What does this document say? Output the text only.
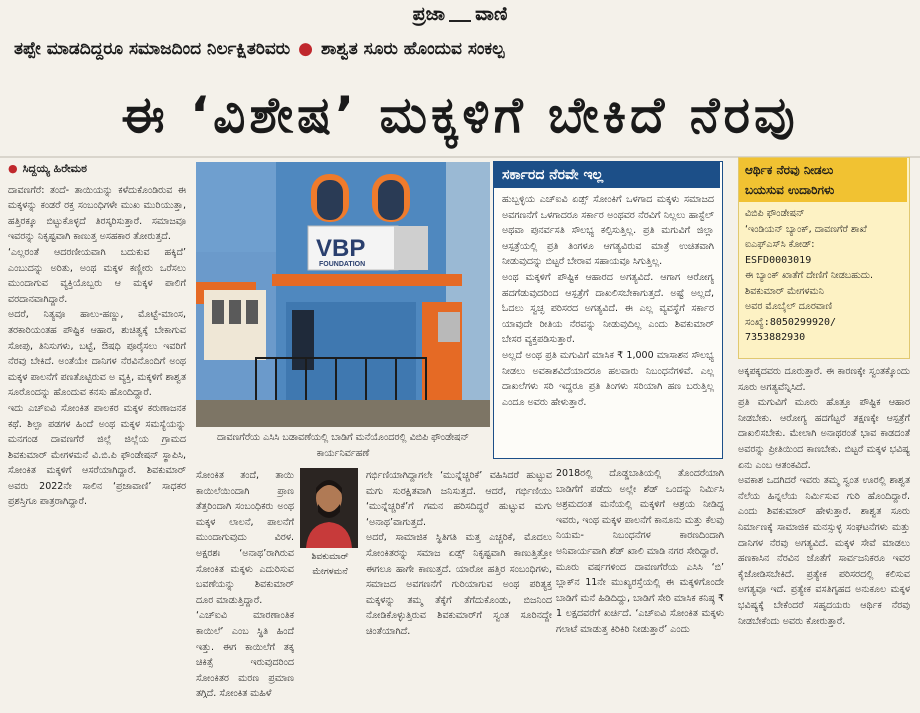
ಪ್ರಜಾ ವಾಣಿ
ತಪ್ಪೇ ಮಾಡದಿದ್ದರೂ ಸಮಾಜದಿಂದ ನಿರ್ಲಕ್ಷಿತರಿವರು ● ಶಾಶ್ವತ ಸೂರು ಹೊಂದುವ ಸಂಕಲ್ಪ
ಈ ‘ವಿಶೇಷ’ ಮಕ್ಕಳಿಗೆ ಬೇಕಿದೆ ನೆರವು
● ಸಿದ್ದಯ್ಯ ಹಿರೇಮಠ

ದಾವಣಗೆರೆ: ತಂದೆ- ತಾಯಿಯನ್ನು ಕಳೆದುಕೊಂಡಿರುವ ಈ ಮಕ್ಕಳನ್ನು ಕಂಡರೆ ರಕ್ತ ಸಂಬಂಧಿಗಳೇ ಮುಖ ಮುರಿಯುತ್ತಾ, ಹತ್ತಿರಕ್ಕೂ ಬಿಟ್ಟುಕೊಳ್ಳದೆ ತಿರಸ್ಕರಿಸುತ್ತಾರೆ. ಸಮಾಜವೂ ಇವರನ್ನು ನಿಕೃಷ್ಟವಾಗಿ ಕಾಣುತ್ತ ಅಸಹಕಾರ ತೋರುತ್ತದೆ.

‘ಎಲ್ಲರಂತೆ ಆದರಣೀಯವಾಗಿ ಬದುಕುವ ಹಕ್ಕಿದೆ’ ಎಂಬುದನ್ನು ಅರಿತು, ಅಂಥ ಮಕ್ಕಳ ಕಣ್ಣೀರು ಒರೆಸಲು ಮುಂದಾಗುವ ವ್ಯಕ್ತಿಯೊಬ್ಬರು ಆ ಮಕ್ಕಳ ಪಾಲಿಗೆ ವರದಾನವಾಗಿದ್ದಾರೆ.

ಅದರೆ, ನಿತ್ಯವೂ ಹಾಲು-ಹಣ್ಣು, ಮೊಟ್ಟೆ-ಮಾಂಸ, ತರಕಾರಿಯಂತಹ ಪೌಷ್ಟಿಕ ಆಹಾರ, ಶುಚಿತ್ವಕ್ಕೆ ಬೇಕಾಗುವ ಸೋಪು, ತಿನಿಸುಗಳು, ಬಟ್ಟೆ, ಔಷಧಿ ಪೂರೈಸಲು ಇವರಿಗೆ ನೆರವು ಬೇಕಿದೆ. ಅಂತೆಯೇ ದಾನಿಗಳ ನೆರವಿನೊಂದಿಗೆ ಅಂಥ ಮಕ್ಕಳ ಪಾಲನೆಗೆ ಪಣತೊಟ್ಟಿರುವ ಅ ವ್ಯಕ್ತಿ, ಮಕ್ಕಳಿಗೆ ಶಾಶ್ವತ ಸೂರೊಂದನ್ನು ಹೊಂದುವ ಕನಸು ಹೊಂದಿದ್ದಾರೆ.

ಇದು ಎಚ್‌ಐವಿ ಸೋಂಕಿತ ಪಾಲಕರ ಮಕ್ಕಳ ಕರುಣಾಜನಕ ಕಥೆ. ಶಿಲ್ಪಾ ಪಡಗಳ ಹಿಂದೆ ಅಂಥ ಮಕ್ಕಳ ಸಮಸ್ಯೆಯನ್ನು ಮನಗಂಡ ದಾವಣಗೆರೆ ಜಿಲ್ಲೆ ಜಿಲ್ಲೆಯ ಗ್ರಾಮದ ಶಿವಕುಮಾರ್ ಮೇಗಳಮನೆ ವಿ.ಬಿ.ಪಿ ಫೌಂಡೇಷನ್ ಸ್ಥಾಪಿಸಿ, ಸೋಂಕಿತ ಮಕ್ಕಳಿಗೆ ಆಸರೆಯಾಗಿದ್ದಾರೆ. ಶಿವಕುಮಾರ್ ಅವರು 2022ನೇ ಸಾಲಿನ ‘ಪ್ರಜಾವಾಣಿ’ ಸಾಧಕರ ಪ್ರಶಸ್ತಿಗೂ ಪಾತ್ರರಾಗಿದ್ದಾರೆ.

VBP
FOUNDATION
ದಾವಣಗೆರೆಯ ಎಸಿಸಿ ಬಡಾವಣೆಯಲ್ಲಿ ಬಾಡಿಗೆ ಮನೆಯೊಂದರಲ್ಲಿ ವಿಬಿಪಿ ಫೌಂಡೇಷನ್‌ ಕಾರ್ಯನಿರ್ವಹಣೆ

ಸೋಂಕಿತ ತಂದೆ, ತಾಯಿ ಕಾಯಿಲೆಯಿಂದಾಗಿ ಪ್ರಾಣ ತೆತ್ತರಿಂದಾಗಿ ಸಂಬಂಧಿಕರು ಅಂಥ ಮಕ್ಕಳ ಲಾಲನೆ, ಪಾಲನೆಗೆ ಮುಂದಾಗುವುದು ವಿರಳ. ಅಕ್ಷರಶಃ ‘ಅನಾಥ’ರಾಗಿರುವ ಸೋಂಕಿತ ಮಕ್ಕಳು ಎದುರಿಸುವ ಬವಣೆಯನ್ನು ಶಿವಕುಮಾರ್ ದೂರ ಮಾಡುತ್ತಿದ್ದಾರೆ.

‘ಎಚ್‌ಐವಿ ಮಾರಣಾಂತಿಕ ಕಾಯಿಲೆ’ ಎಂಬ ಸ್ಥಿತಿ ಹಿಂದೆ ಇತ್ತು. ಈಗ ಕಾಯಿಲೆಗೆ ತಕ್ಕ ಚಿಕಿತ್ಸೆ ಇರುವುದರಿಂದ ಸೋಂಕಿತರ ಮರಣ ಪ್ರಮಾಣ ತಗ್ಗಿದೆ. ಸೋಂಕಿತ ಮಹಿಳೆ

ಶಿವಕುಮಾರ್
ಮೇಗಳಮನೆ

ಗರ್ಭಿಣಿಯಾಗಿದ್ದಾಗಲೇ ‘ಮುನ್ನೆಚ್ಚರಿಕೆ’ ವಹಿಸಿದರೆ ಹುಟ್ಟುವ ಮಗು ಸುರಕ್ಷಿತವಾಗಿ ಜನಿಸುತ್ತದೆ. ಆದರೆ, ಗರ್ಭಿಣಿಯು ‘ಮುನ್ನೆಚ್ಚರಿಕೆ’ಗೆ ಗಮನ ಹರಿಸದಿದ್ದರೆ ಹುಟ್ಟುವ ಮಗು ‘ಅನಾಥ’ವಾಗುತ್ತದೆ.

ಅದರೆ, ಸಾಮಾಜಿಕ ಸ್ಥಿತಿಗತಿ ಮತ್ತ ಎಚ್ಚರಿಕೆ, ಮೊದಲು ಸೋಂಕಿತರನ್ನು ಸಮಾಜ ಏಡ್ಸ್ ನಿಕೃಷ್ಟವಾಗಿ ಕಾಣುತ್ತಿತ್ತೋ ಈಗಲೂ ಹಾಗೇ ಕಾಣುತ್ತದೆ. ಯಾರೋ ಹತ್ತಿರ ಸಂಬಂಧಿಗಳು, ಸಮಾಜದ ಅವಗಣನೆಗೆ ಗುರಿಯಾಗುವ ಅಂಥ ಪರಿತ್ಯಕ್ತ ಮಕ್ಕಳನ್ನು ತಮ್ಮ ತೆಕ್ಕೆಗೆ ತೆಗೆದುಕೊಂಡು, ಬಿಜನಿಂದ ನೋಡಿಕೊಳ್ಳುತ್ತಿರುವ ಶಿವಕುಮಾರ್‌ಗೆ ಸ್ವಂತ ಸೂರಿನದ್ದೇ ಚಿಂತೆಯಾಗಿದೆ.

ಸರ್ಕಾರದ ನೆರವೇ ಇಲ್ಲ

ಹುಬ್ಬಳ್ಳಿಯ ಎಚ್‌ಐವಿ ಏಡ್ಸ್ ಸೋಂಕಿಗೆ ಒಳಗಾದ ಮಕ್ಕಳು ಸಮಾಜದ ಅವಗಣನೆಗೆ ಒಳಗಾದರೂ ಸರ್ಕಾರ ಅಂಥವರ ನೆರವಿಗೆ ನಿಲ್ಲಲು ಹಾಸ್ಟೆಲ್ ಅಥವಾ ಪುನರ್ವಸತಿ ಸೌಲಭ್ಯ ಕಲ್ಪಿಸುತ್ತಿಲ್ಲ. ಪ್ರತಿ ಮಗುವಿಗೆ ಜಿಲ್ಲಾ ಆಸ್ಪತ್ರೆಯಲ್ಲಿ ಪ್ರತಿ ತಿಂಗಳೂ ಆಗತ್ಯವಿರುವ ಮಾತ್ರೆ ಉಚಿತವಾಗಿ ನೀಡುವುದನ್ನು ಬಿಟ್ಟರೆ ಬೇರಾವ ಸಹಾಯವೂ ಸಿಗುತ್ತಿಲ್ಲ.

ಅಂಥ ಮಕ್ಕಳಿಗೆ ಪೌಷ್ಟಿಕ ಆಹಾರದ ಅಗತ್ಯವಿದೆ. ಆಗಾಗ ಆರೋಗ್ಯ ಹದಗೆಡುವುದರಿಂದ ಆಸ್ಪತ್ರೆಗೆ ದಾಖಲಿಸಬೇಕಾಗುತ್ತದೆ. ಅಷ್ಟೆ ಅಲ್ಲದೆ, ಓದಲು ಸ್ವಚ್ಛ ಪರಿಸರದ ಅಗತ್ಯವಿದೆ. ಈ ಎಲ್ಲ ವ್ಯವಸ್ಥೆಗೆ ಸರ್ಕಾರ ಯಾವುದೇ ರೀತಿಯ ನೆರವನ್ನು ನೀಡುವುದಿಲ್ಲ ಎಂದು ಶಿವಕುಮಾರ್ ಬೇಸರ ವ್ಯಕ್ತಪಡಿಸುತ್ತಾರೆ.

ಅಲ್ಲದೆ ಅಂಥ ಪ್ರತಿ ಮಗುವಿಗೆ ಮಾಸಿಕ ₹ 1,000 ಮಾಸಾಶನ ಸೌಲಭ್ಯ ನೀಡಲು ಅವಕಾಶವಿದೆಯಾದರೂ ಹಲವಾರು ನಿಬಂಧನೆಗಳಿವೆ. ಎಲ್ಲ ದಾಖಲೆಗಳು ಸರಿ ಇದ್ದರೂ ಪ್ರತಿ ತಿಂಗಳು ಸರಿಯಾಗಿ ಹಣ ಬರುತ್ತಿಲ್ಲ ಎಂದೂ ಅವರು ಹೇಳುತ್ತಾರೆ.

2018ರಲ್ಲಿ ದೊಡ್ಡಬಾತಿಯಲ್ಲಿ ತೊಂದರೆಯಾಗಿ ಬಾಡಿಗೆಗೆ ಪಡೆದು ಅಲ್ಲೇ ಶೆಡ್ ಒಂದನ್ನು ನಿರ್ಮಿಸಿ ಅಶ್ರಮದಂತ ಮನೆಯಲ್ಲಿ ಮಕ್ಕಳಿಗೆ ಆಶ್ರಯ ನೀಡಿದ್ದ ಇವರು, ಇಂಥ ಮಕ್ಕಳ ಪಾಲನೆಗೆ ಕಾನೂನು ಮತ್ತು ಕೆಲವು ನಿಯಮ- ನಿಬಂಧನೆಗಳ ಕಾರಣದಿಂದಾಗಿ ಅನಿವಾರ್ಯವಾಗಿ ಶೆಡ್ ಖಾಲಿ ಮಾಡಿ ನಗರ ಸೇರಿದ್ದಾರೆ.

ಮೂರು ವರ್ಷಗಳಿಂದ ದಾವಣಗೆರೆಯ ಎಸಿಸಿ ‘ಬಿ’ ಬ್ಲಾಕ್‌ನ 11ನೇ ಮುಖ್ಯರಸ್ತೆಯಲ್ಲಿ ಈ ಮಕ್ಕಳಿಗೊಂದೇ ಬಾಡಿಗೆ ಮನೆ ಹಿಡಿದಿದ್ದು, ಬಾಡಿಗೆ ಸೇರಿ ಮಾಸಿಕ ಕನಿಷ್ಠ ₹ 1 ಲಕ್ಷದವರೆಗೆ ಖರ್ಚಿದೆ. ‘ಎಚ್‌ಐವಿ ಸೋಂಕಿತ ಮಕ್ಕಳು ಗಲಾಟೆ ಮಾಡುತ್ತ ಕಿರಿಕಿರಿ ನೀಡುತ್ತಾರೆ’ ಎಂದು

ಆರ್ಥಿಕ ನೆರವು ನೀಡಲು
ಬಯಸುವ ಉದಾರಿಗಳು
ವಿಬಿಪಿ ಫೌಂಡೇಷನ್
‘ಇಂಡಿಯನ್ ಬ್ಯಾಂಕ್, ದಾವಣಗೆರೆ ಶಾಖೆ
ಐಎಫ್‌ಎಸ್‌ಸಿ ಕೋಡ್:
ESFD0003019
ಈ ಬ್ಯಾಂಕ್ ಖಾತೆಗೆ ದೇಣಿಗೆ ನೀಡಬಹುದು.
ಶಿವಕುಮಾರ್ ಮೇಗಳಮನಿ
ಅವರ ಮೊಬೈಲ್ ದೂರವಾಣಿ
ಸಂಖ್ಯೆ:8050299920/
7353882930

ಅಕ್ಕಪಕ್ಕದವರು ದೂರುತ್ತಾರೆ. ಈ ಕಾರಣಕ್ಕೇ ಸ್ವಂತಕ್ಕೊಂದು ಸೂರು ಅಗತ್ಯವೆನ್ನಿಸಿದೆ.

ಪ್ರತಿ ಮಗುವಿಗೆ ಮೂರು ಹೊತ್ತೂ ಪೌಷ್ಟಿಕ ಆಹಾರ ನೀಡಬೇಕು. ಆರೋಗ್ಯ ಹದಗೆಟ್ಟರೆ ತಕ್ಷಣಕ್ಕೇ ಆಸ್ಪತ್ರೆಗೆ ದಾಖಲಿಸಬೇಕು. ಮೇಲಾಗಿ ಅನಾಥರಂತೆ ಭಾವ ಕಾಡದಂತೆ ಅವರನ್ನು ಪ್ರೀತಿಯಿಂದ ಕಾಣಬೇಕು. ಬಿಟ್ಟರೆ ಮಕ್ಕಳ ಭವಿಷ್ಯ ಏನು ಎಂಬ ಆತಂಕವಿದೆ.

ಅವಕಾಶ ಒದಗಿದರೆ ಇವರು ತಮ್ಮ ಸ್ವಂತ ಊರಲ್ಲಿ ಶಾಶ್ವತ ನೆಲೆಯ ಹಿನ್ನಲೆಯ ನಿರ್ಮಿಸುವ ಗುರಿ ಹೊಂದಿದ್ದಾರೆ. ಎಂದು ಶಿವಕುಮಾರ್ ಹೇಳುತ್ತಾರೆ. ಶಾಶ್ವತ ಸೂರು ನಿರ್ಮಾಣಕ್ಕೆ ಸಾಮಾಜಿಕ ಮನಸ್ಸುಳ್ಳ ಸಂಘಟನೆಗಳು ಮತ್ತು ದಾನಿಗಳ ನೆರವು ಅಗತ್ಯವಿದೆ. ಮಕ್ಕಳ ಸೇವೆ ಮಾಡಲು ಹಣಕಾಸಿನ ನೆರವಿನ ಜೊತೆಗೆ ಸಾರ್ವಜನಿಕರೂ ಇವರ ಕೈಜೋಡಿಸಬೇಕಿದೆ. ಪ್ರತ್ಯೇಕ ಪರಿಸರದಲ್ಲಿ ಕಲಿಸುವ ಅಗತ್ಯವೂ ಇದೆ. ಪ್ರತ್ಯೇಕ ವಸತಿಗೃಹದ ಅನುಕೂಲ ಮಕ್ಕಳ ಭವಿಷ್ಯಕ್ಕೆ ಬೇಕೆಂದರೆ ಸಹೃದಯರು ಆರ್ಥಿಕ ನೆರವು ನೀಡಬೇಕೆಂದು ಅವರು ಕೋರುತ್ತಾರೆ.
